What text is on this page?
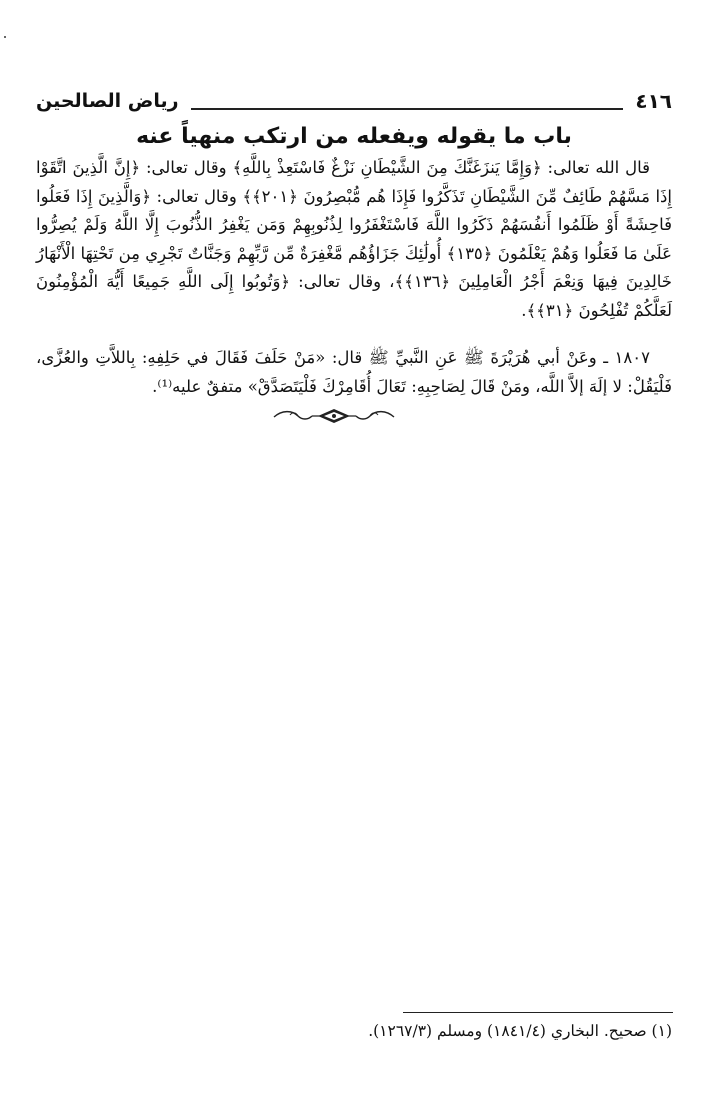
٤١٦
رياض الصالحين
باب ما يقوله ويفعله من ارتكب منهياً عنه

قال الله تعالى: ﴿وَإِمَّا يَنزَغَنَّكَ مِنَ الشَّيْطَانِ نَزْغٌ فَاسْتَعِذْ بِاللَّهِ﴾ وقال تعالى: ﴿إِنَّ الَّذِينَ اتَّقَوْا إِذَا مَسَّهُمْ طَائِفٌ مِّنَ الشَّيْطَانِ تَذَكَّرُوا فَإِذَا هُم مُّبْصِرُونَ ﴿٢٠١﴾﴾ وقال تعالى: ﴿وَالَّذِينَ إِذَا فَعَلُوا فَاحِشَةً أَوْ ظَلَمُوا أَنفُسَهُمْ ذَكَرُوا اللَّهَ فَاسْتَغْفَرُوا لِذُنُوبِهِمْ وَمَن يَغْفِرُ الذُّنُوبَ إِلَّا اللَّهُ وَلَمْ يُصِرُّوا عَلَىٰ مَا فَعَلُوا وَهُمْ يَعْلَمُونَ ﴿١٣٥﴾ أُولَٰئِكَ جَزَاؤُهُم مَّغْفِرَةٌ مِّن رَّبِّهِمْ وَجَنَّاتٌ تَجْرِي مِن تَحْتِهَا الْأَنْهَارُ خَالِدِينَ فِيهَا وَنِعْمَ أَجْرُ الْعَامِلِينَ ﴿١٣٦﴾﴾، وقال تعالى: ﴿وَتُوبُوا إِلَى اللَّهِ جَمِيعًا أَيُّهَ الْمُؤْمِنُونَ لَعَلَّكُمْ تُفْلِحُونَ ﴿٣١﴾﴾.

١٨٠٧ ـ وعَنْ أبي هُرَيْرَةَ ﷺ عَنِ النَّبيِّ ﷺ قال: «مَنْ حَلَفَ فَقَالَ في حَلِفِهِ: بِاللاَّتِ والعُزَّى، فَلْيَقُلْ: لا إلَهَ إلاَّ اللَّه، ومَنْ قَالَ لِصَاحِبِهِ: تَعَالَ أُقَامِرْكَ فَلْيَتَصَدَّقْ» متفقٌ عليه⁽¹⁾.

(١) صحيح. البخاري (١٨٤١/٤) ومسلم (١٢٦٧/٣).
